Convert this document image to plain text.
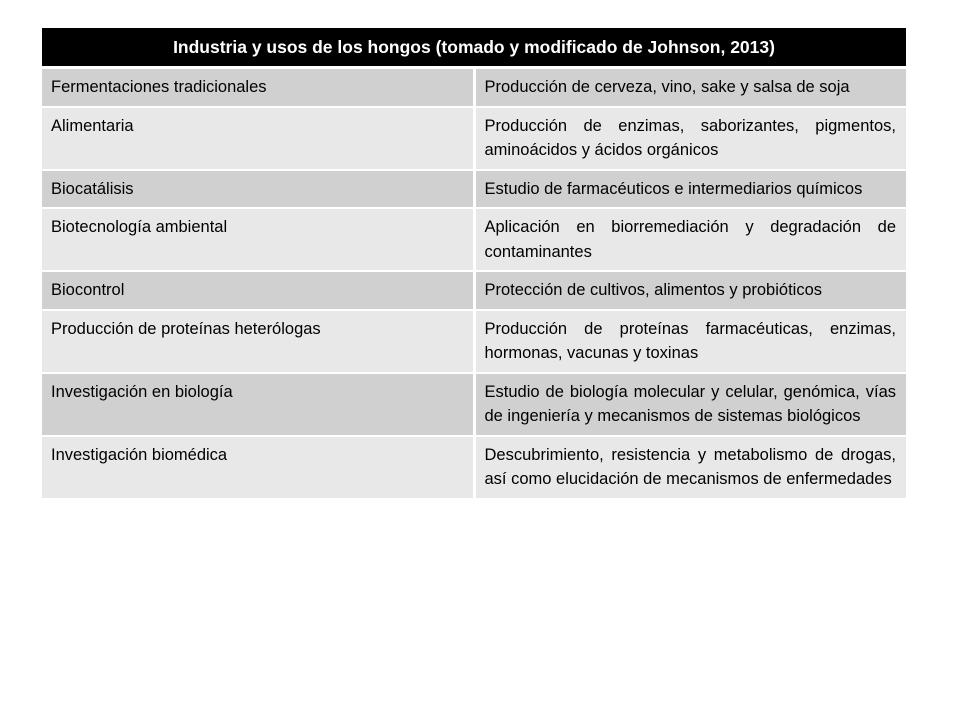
Industria y usos de los hongos (tomado y modificado de Johnson, 2013)	
Fermentaciones tradicionales	Producción de cerveza, vino, sake y salsa de soja
Alimentaria	Producción de enzimas, saborizantes, pigmentos, aminoácidos y ácidos orgánicos
Biocatálisis	Estudio de farmacéuticos e intermediarios químicos
Biotecnología ambiental	Aplicación en biorremediación y degradación de contaminantes
Biocontrol	Protección de cultivos, alimentos y probióticos
Producción de proteínas heterólogas	Producción de proteínas farmacéuticas, enzimas, hormonas, vacunas y toxinas
Investigación en biología	Estudio de biología molecular y celular, genómica, vías de ingeniería y mecanismos de sistemas biológicos
Investigación biomédica	Descubrimiento, resistencia y metabolismo de drogas, así como elucidación de mecanismos de enfermedades
